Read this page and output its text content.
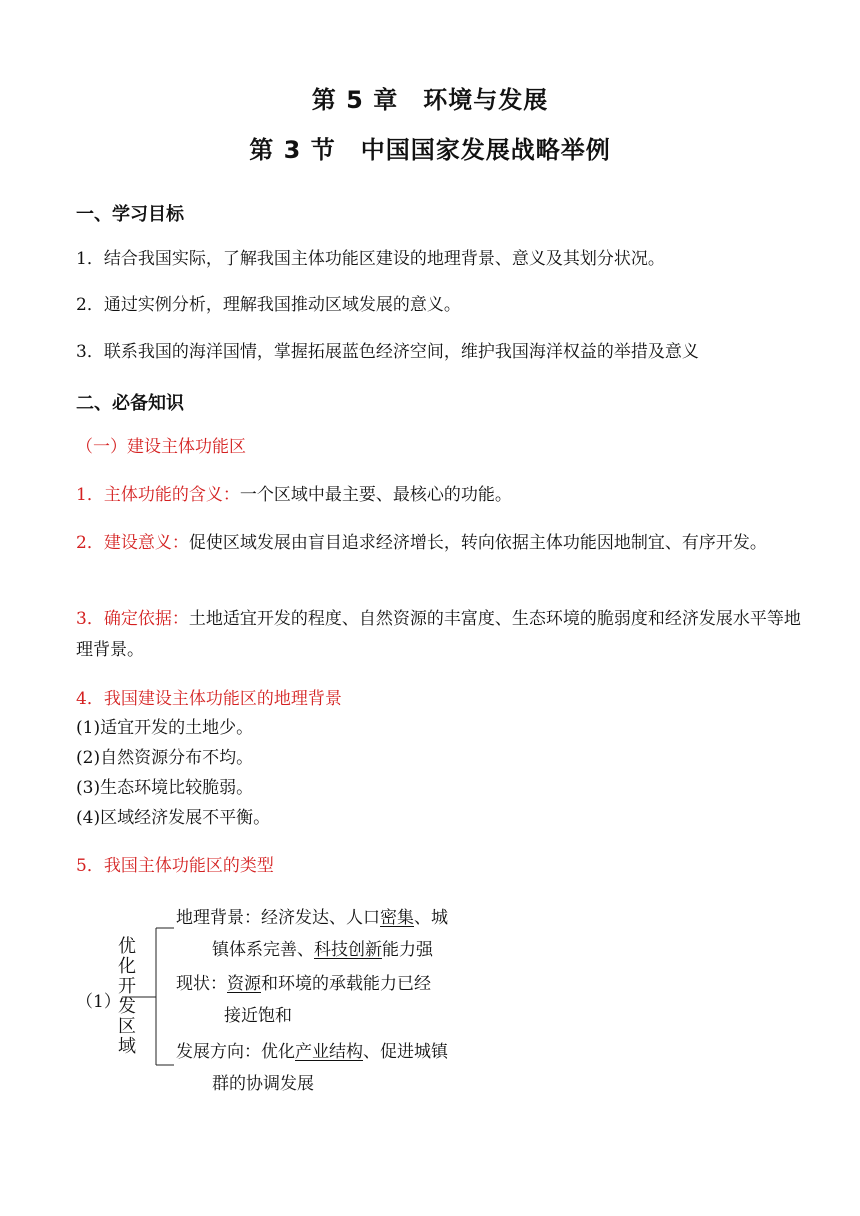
第 5 章　环境与发展
第 3 节　中国国家发展战略举例
一、学习目标
1．结合我国实际，了解我国主体功能区建设的地理背景、意义及其划分状况。
2．通过实例分析，理解我国推动区域发展的意义。
3．联系我国的海洋国情，掌握拓展蓝色经济空间，维护我国海洋权益的举措及意义
二、必备知识
（一）建设主体功能区
1．主体功能的含义：一个区域中最主要、最核心的功能。
2．建设意义：促使区域发展由盲目追求经济增长，转向依据主体功能因地制宜、有序开发。
3．确定依据：土地适宜开发的程度、自然资源的丰富度、生态环境的脆弱度和经济发展水平等地理背景。
4．我国建设主体功能区的地理背景
(1)适宜开发的土地少。
(2)自然资源分布不均。
(3)生态环境比较脆弱。
(4)区域经济发展不平衡。
5．我国主体功能区的类型
（1）
优化开发区域
地理背景：经济发达、人口密集、城
镇体系完善、科技创新能力强
现状：资源和环境的承载能力已经
接近饱和
发展方向：优化产业结构、促进城镇
群的协调发展
